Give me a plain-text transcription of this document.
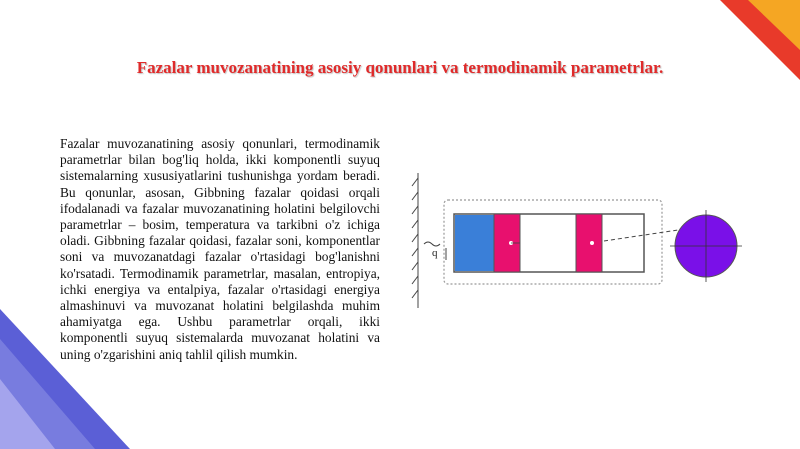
Fazalar muvozanatining asosiy qonunlari va termodinamik parametrlar.

Fazalar muvozanatining asosiy qonunlari, termodinamik parametrlar bilan bog'liq holda, ikki komponentli suyuq sistemalarning xususiyatlarini tushunishga yordam beradi. Bu qonunlar, asosan, Gibbning fazalar qoidasi orqali ifodalanadi va fazalar muvozanatining holatini belgilovchi parametrlar – bosim, temperatura va tarkibni o'z ichiga oladi. Gibbning fazalar qoidasi, fazalar soni, komponentlar soni va muvozanatdagi fazalar o'rtasidagi bog'lanishni ko'rsatadi. Termodinamik parametrlar, masalan, entropiya, ichki energiya va entalpiya, fazalar o'rtasidagi energiya almashinuvi va muvozanat holatini belgilashda muhim ahamiyatga ega. Ushbu parametrlar orqali, ikki komponentli suyuq sistemalarda muvozanat holatini va uning o'zgarishini aniq tahlil qilish mumkin.

q
